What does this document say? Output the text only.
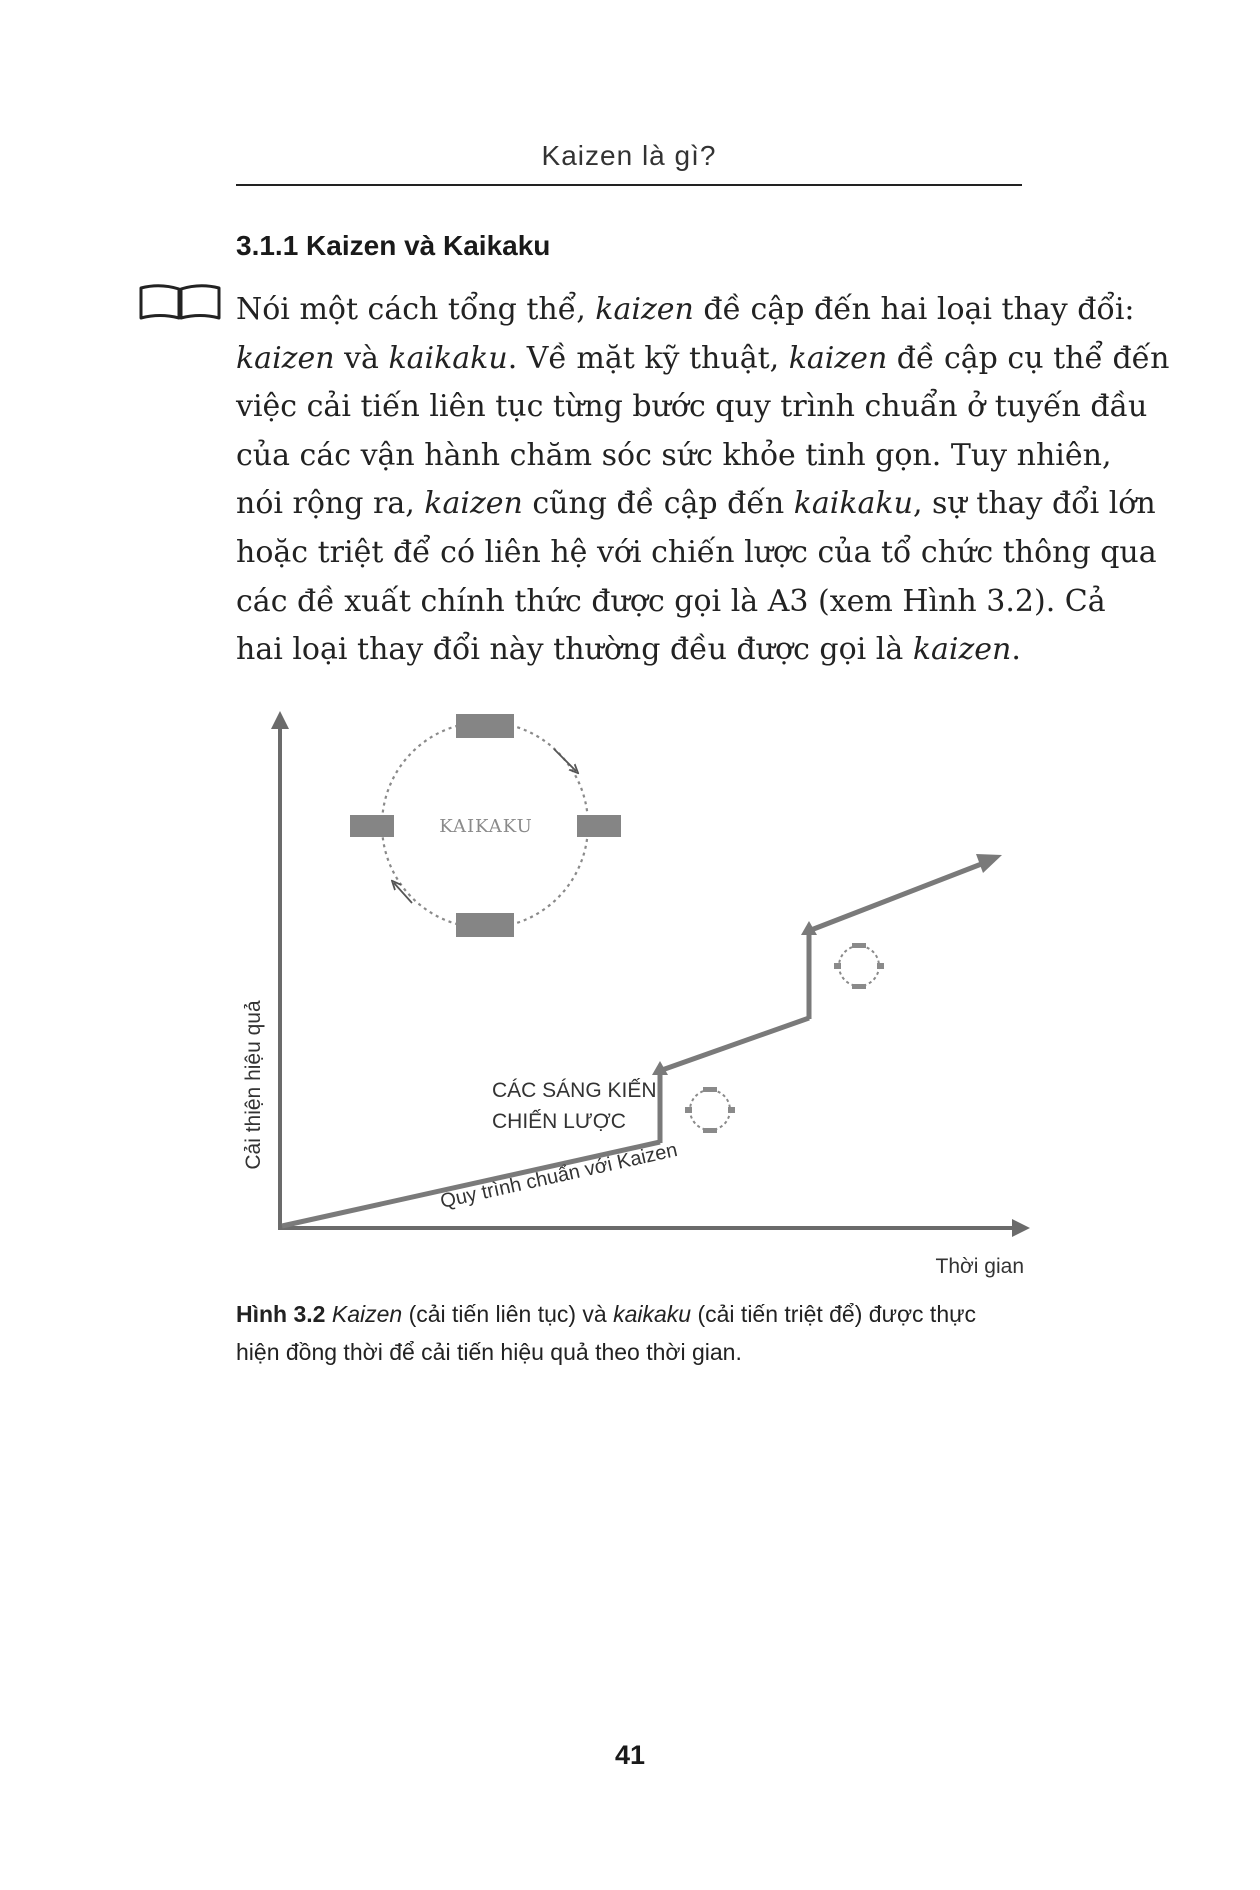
Kaizen là gì?
3.1.1 Kaizen và Kaikaku
Nói một cách tổng thể, kaizen đề cập đến hai loại thay đổi:
kaizen và kaikaku. Về mặt kỹ thuật, kaizen đề cập cụ thể đến
việc cải tiến liên tục từng bước quy trình chuẩn ở tuyến đầu
của các vận hành chăm sóc sức khỏe tinh gọn. Tuy nhiên,
nói rộng ra, kaizen cũng đề cập đến kaikaku, sự thay đổi lớn
hoặc triệt để có liên hệ với chiến lược của tổ chức thông qua
các đề xuất chính thức được gọi là A3 (xem Hình 3.2). Cả
hai loại thay đổi này thường đều được gọi là kaizen.
Cải thiện hiệu quả
Thời gian
KAIKAKU
CÁC SÁNG KIẾN
CHIẾN LƯỢC
Quy trình chuẩn với Kaizen
Hình 3.2 Kaizen (cải tiến liên tục) và kaikaku (cải tiến triệt để) được thực
hiện đồng thời để cải tiến hiệu quả theo thời gian.
41
